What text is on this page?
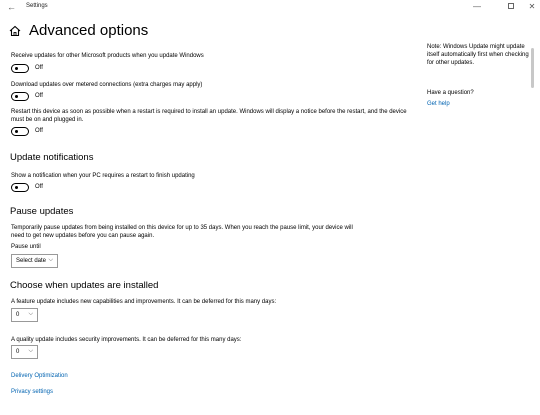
← Settings	—	✕
Advanced options
Receive updates for other Microsoft products when you update Windows
Off
Download updates over metered connections (extra charges may apply)
Off
Restart this device as soon as possible when a restart is required to install an update. Windows will display a notice before the restart, and the device must be on and plugged in.
Off
Update notifications
Show a notification when your PC requires a restart to finish updating
Off
Pause updates
Temporarily pause updates from being installed on this device for up to 35 days. When you reach the pause limit, your device will need to get new updates before you can pause again.
Pause until
Select date ⌵
Choose when updates are installed
A feature update includes new capabilities and improvements. It can be deferred for this many days:
0 ⌵
A quality update includes security improvements. It can be deferred for this many days:
0 ⌵
Delivery Optimization
Privacy settings
Note: Windows Update might update itself automatically first when checking for other updates.
Have a question?
Get help
